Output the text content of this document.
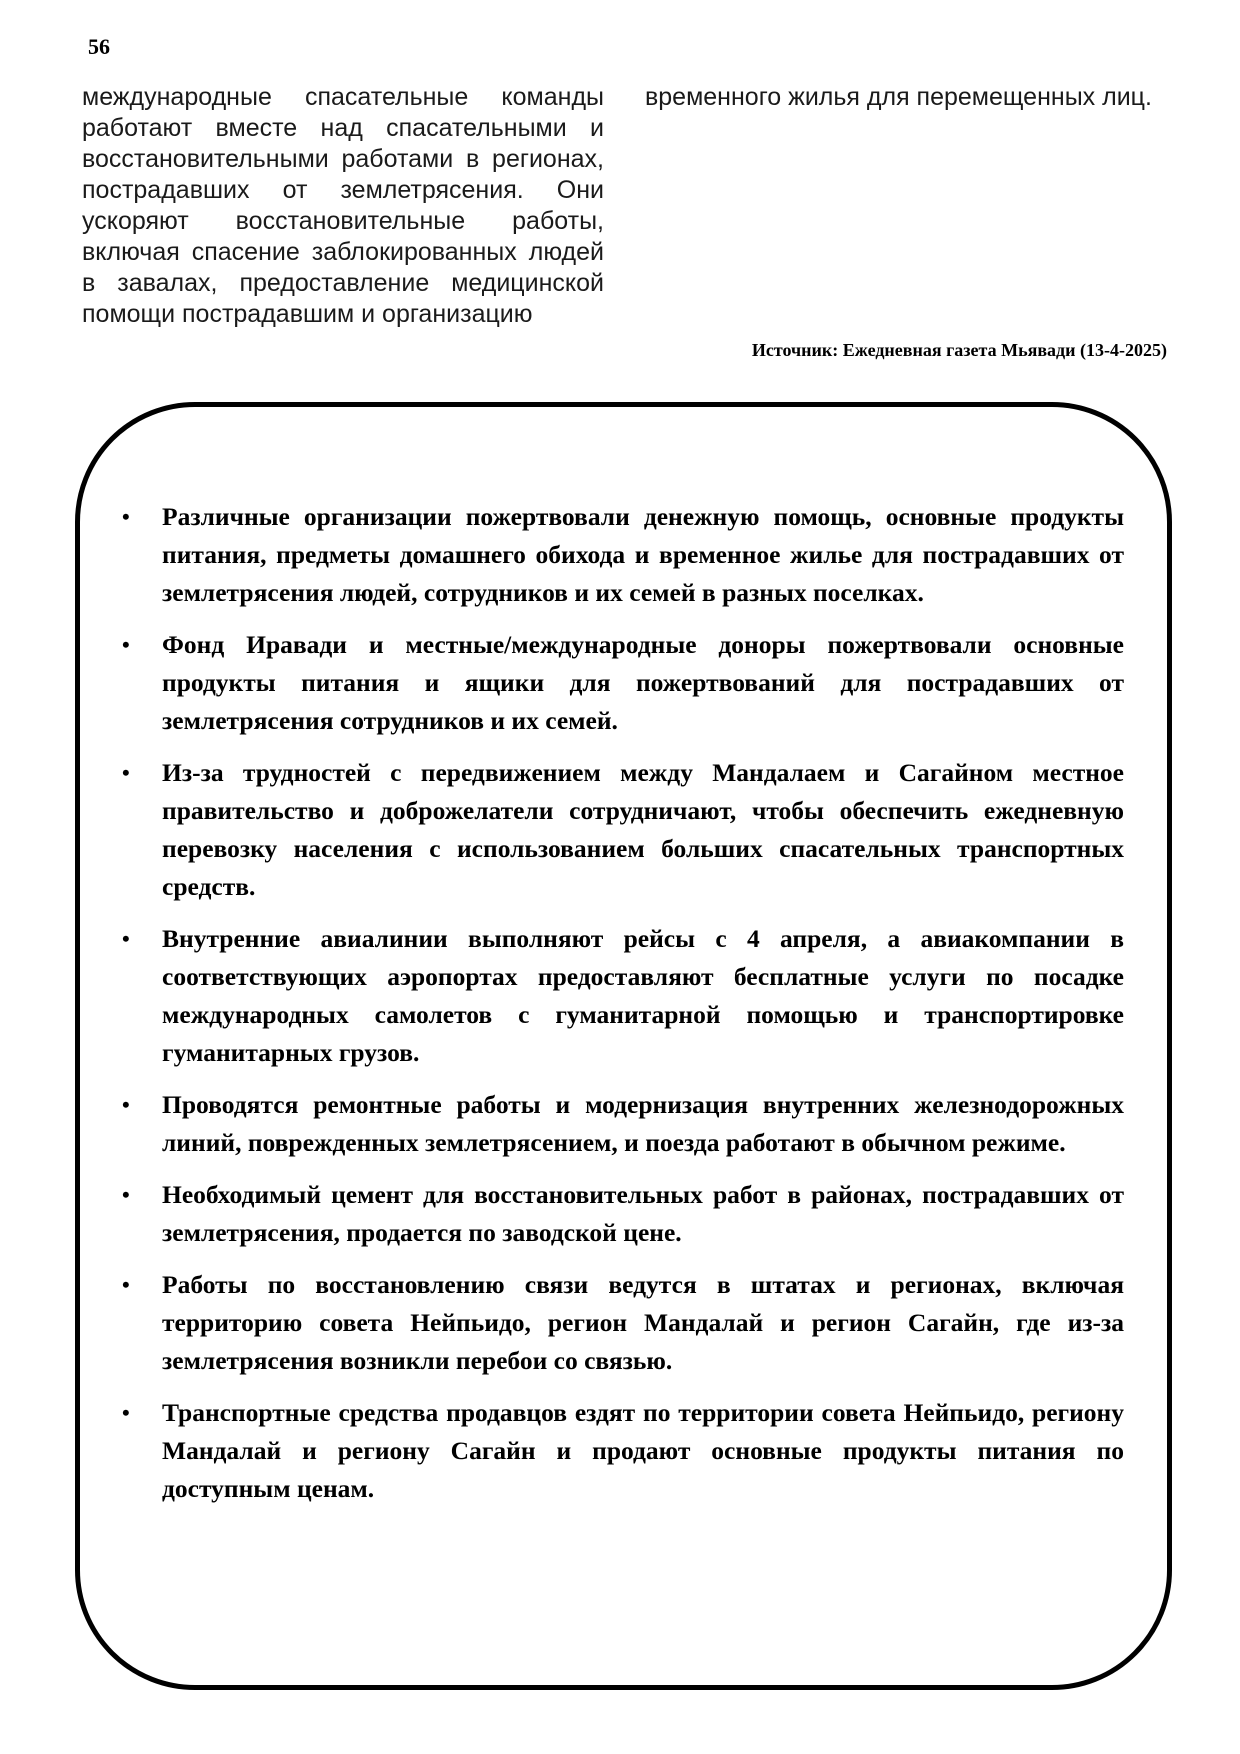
56

международные спасательные команды работают вместе над спасательными и восстановительными работами в регионах, пострадавших от землетрясения. Они ускоряют восстановительные работы, включая спасение заблокированных людей в завалах, предоставление медицинской помощи пострадавшим и организацию

временного жилья для перемещенных лиц.

Источник: Ежедневная газета Мьявади (13-4-2025)
• Различные организации пожертвовали денежную помощь, основные продукты питания, предметы домашнего обихода и временное жилье для пострадавших от землетрясения людей, сотрудников и их семей в разных поселках.
• Фонд Иравади и местные/международные доноры пожертвовали основные продукты питания и ящики для пожертвований для пострадавших от землетрясения сотрудников и их семей.
• Из-за трудностей с передвижением между Мандалаем и Сагайном местное правительство и доброжелатели сотрудничают, чтобы обеспечить ежедневную перевозку населения с использованием больших спасательных транспортных средств.
• Внутренние авиалинии выполняют рейсы с 4 апреля, а авиакомпании в соответствующих аэропортах предоставляют бесплатные услуги по посадке международных самолетов с гуманитарной помощью и транспортировке гуманитарных грузов.
• Проводятся ремонтные работы и модернизация внутренних железнодорожных линий, поврежденных землетрясением, и поезда работают в обычном режиме.
• Необходимый цемент для восстановительных работ в районах, пострадавших от землетрясения, продается по заводской цене.
• Работы по восстановлению связи ведутся в штатах и регионах, включая территорию совета Нейпьидо, регион Мандалай и регион Сагайн, где из-за землетрясения возникли перебои со связью.
• Транспортные средства продавцов ездят по территории совета Нейпьидо, региону Мандалай и региону Сагайн и продают основные продукты питания по доступным ценам.
